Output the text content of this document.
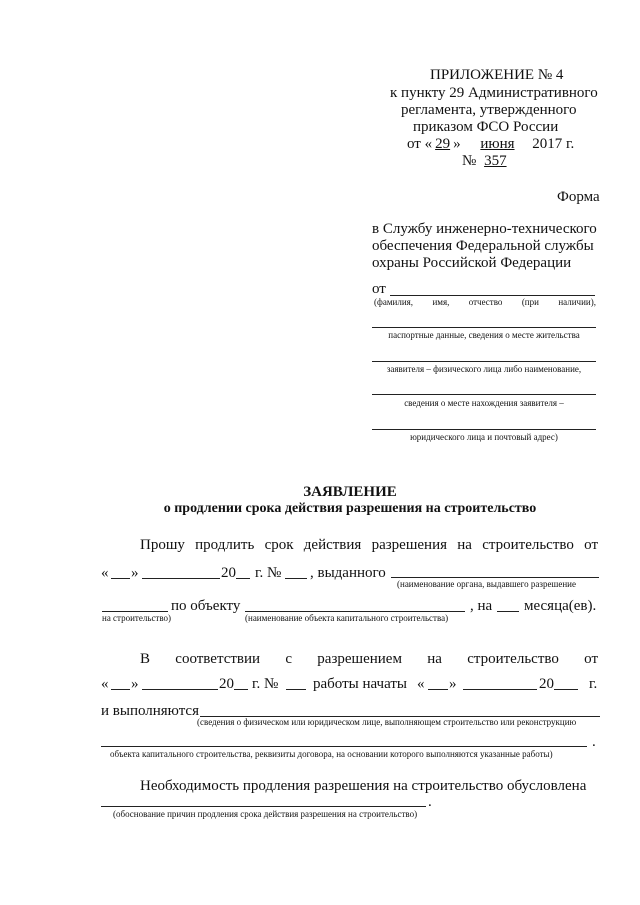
ПРИЛОЖЕНИЕ № 4
к пункту 29 Административного
регламента, утвержденного
приказом ФСО России
от « 29 » июня 2017 г.
№ 357
Форма
в Службу инженерно-технического
обеспечения Федеральной службы
охраны Российской Федерации
от
(фамилия, имя, отчество (при наличии),
паспортные данные, сведения о месте жительства
заявителя – физического лица либо наименование,
сведения о месте нахождения заявителя –
юридического лица и почтовый адрес)
ЗАЯВЛЕНИЕ
о продлении срока действия разрешения на строительство
Прошу продлить срок действия разрешения на строительство от
« »	20 г. № , выданного
(наименование органа, выдавшего разрешение
по объекту	, на месяца(ев).
на строительство)	(наименование объекта капитального строительства)
В соответствии с разрешением на строительство от
« »	20 г. № работы начаты « »	20 г.
и выполняются
(сведения о физическом или юридическом лице, выполняющем строительство или реконструкцию
.
объекта капитального строительства, реквизиты договора, на основании которого выполняются указанные работы)
Необходимость продления разрешения на строительство обусловлена
.
(обоснование причин продления срока действия разрешения на строительство)
